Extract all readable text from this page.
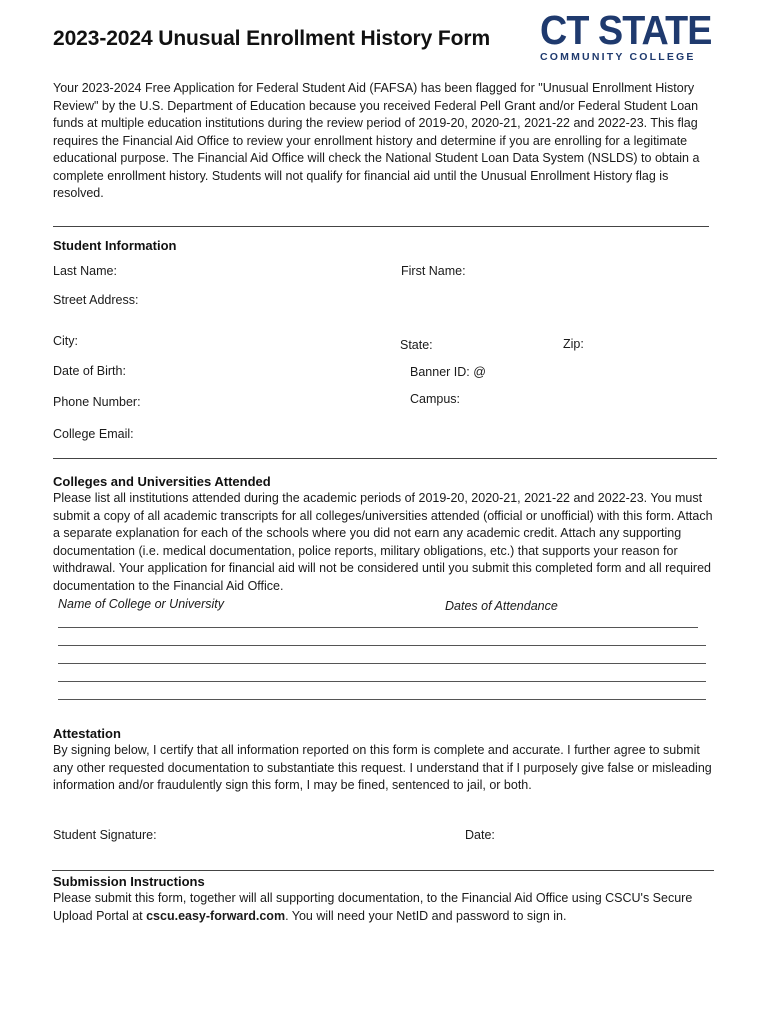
2023-2024 Unusual Enrollment History Form CT STATE
COMMUNITY COLLEGE
Your 2023-2024 Free Application for Federal Student Aid (FAFSA) has been flagged for "Unusual Enrollment History Review" by the U.S. Department of Education because you received Federal Pell Grant and/or Federal Student Loan funds at multiple education institutions during the review period of 2019-20, 2020-21, 2021-22 and 2022-23. This flag requires the Financial Aid Office to review your enrollment history and determine if you are enrolling for a legitimate educational purpose. The Financial Aid Office will check the National Student Loan Data System (NSLDS) to obtain a complete enrollment history. Students will not qualify for financial aid until the Unusual Enrollment History flag is resolved.
Student Information
Last Name:	First Name:
Street Address:
City:	State:	Zip:
Date of Birth:	Banner ID: @
Phone Number:	Campus:
College Email:
Colleges and Universities Attended
Please list all institutions attended during the academic periods of 2019-20, 2020-21, 2021-22 and 2022-23. You must submit a copy of all academic transcripts for all colleges/universities attended (official or unofficial) with this form. Attach a separate explanation for each of the schools where you did not earn any academic credit. Attach any supporting documentation (i.e. medical documentation, police reports, military obligations, etc.) that supports your reason for withdrawal. Your application for financial aid will not be considered until you submit this completed form and all required documentation to the Financial Aid Office.
Name of College or University	Dates of Attendance
Attestation
By signing below, I certify that all information reported on this form is complete and accurate. I further agree to submit any other requested documentation to substantiate this request. I understand that if I purposely give false or misleading information and/or fraudulently sign this form, I may be fined, sentenced to jail, or both.
Student Signature:	Date:
Submission Instructions
Please submit this form, together will all supporting documentation, to the Financial Aid Office using CSCU's Secure Upload Portal at cscu.easy-forward.com. You will need your NetID and password to sign in.
